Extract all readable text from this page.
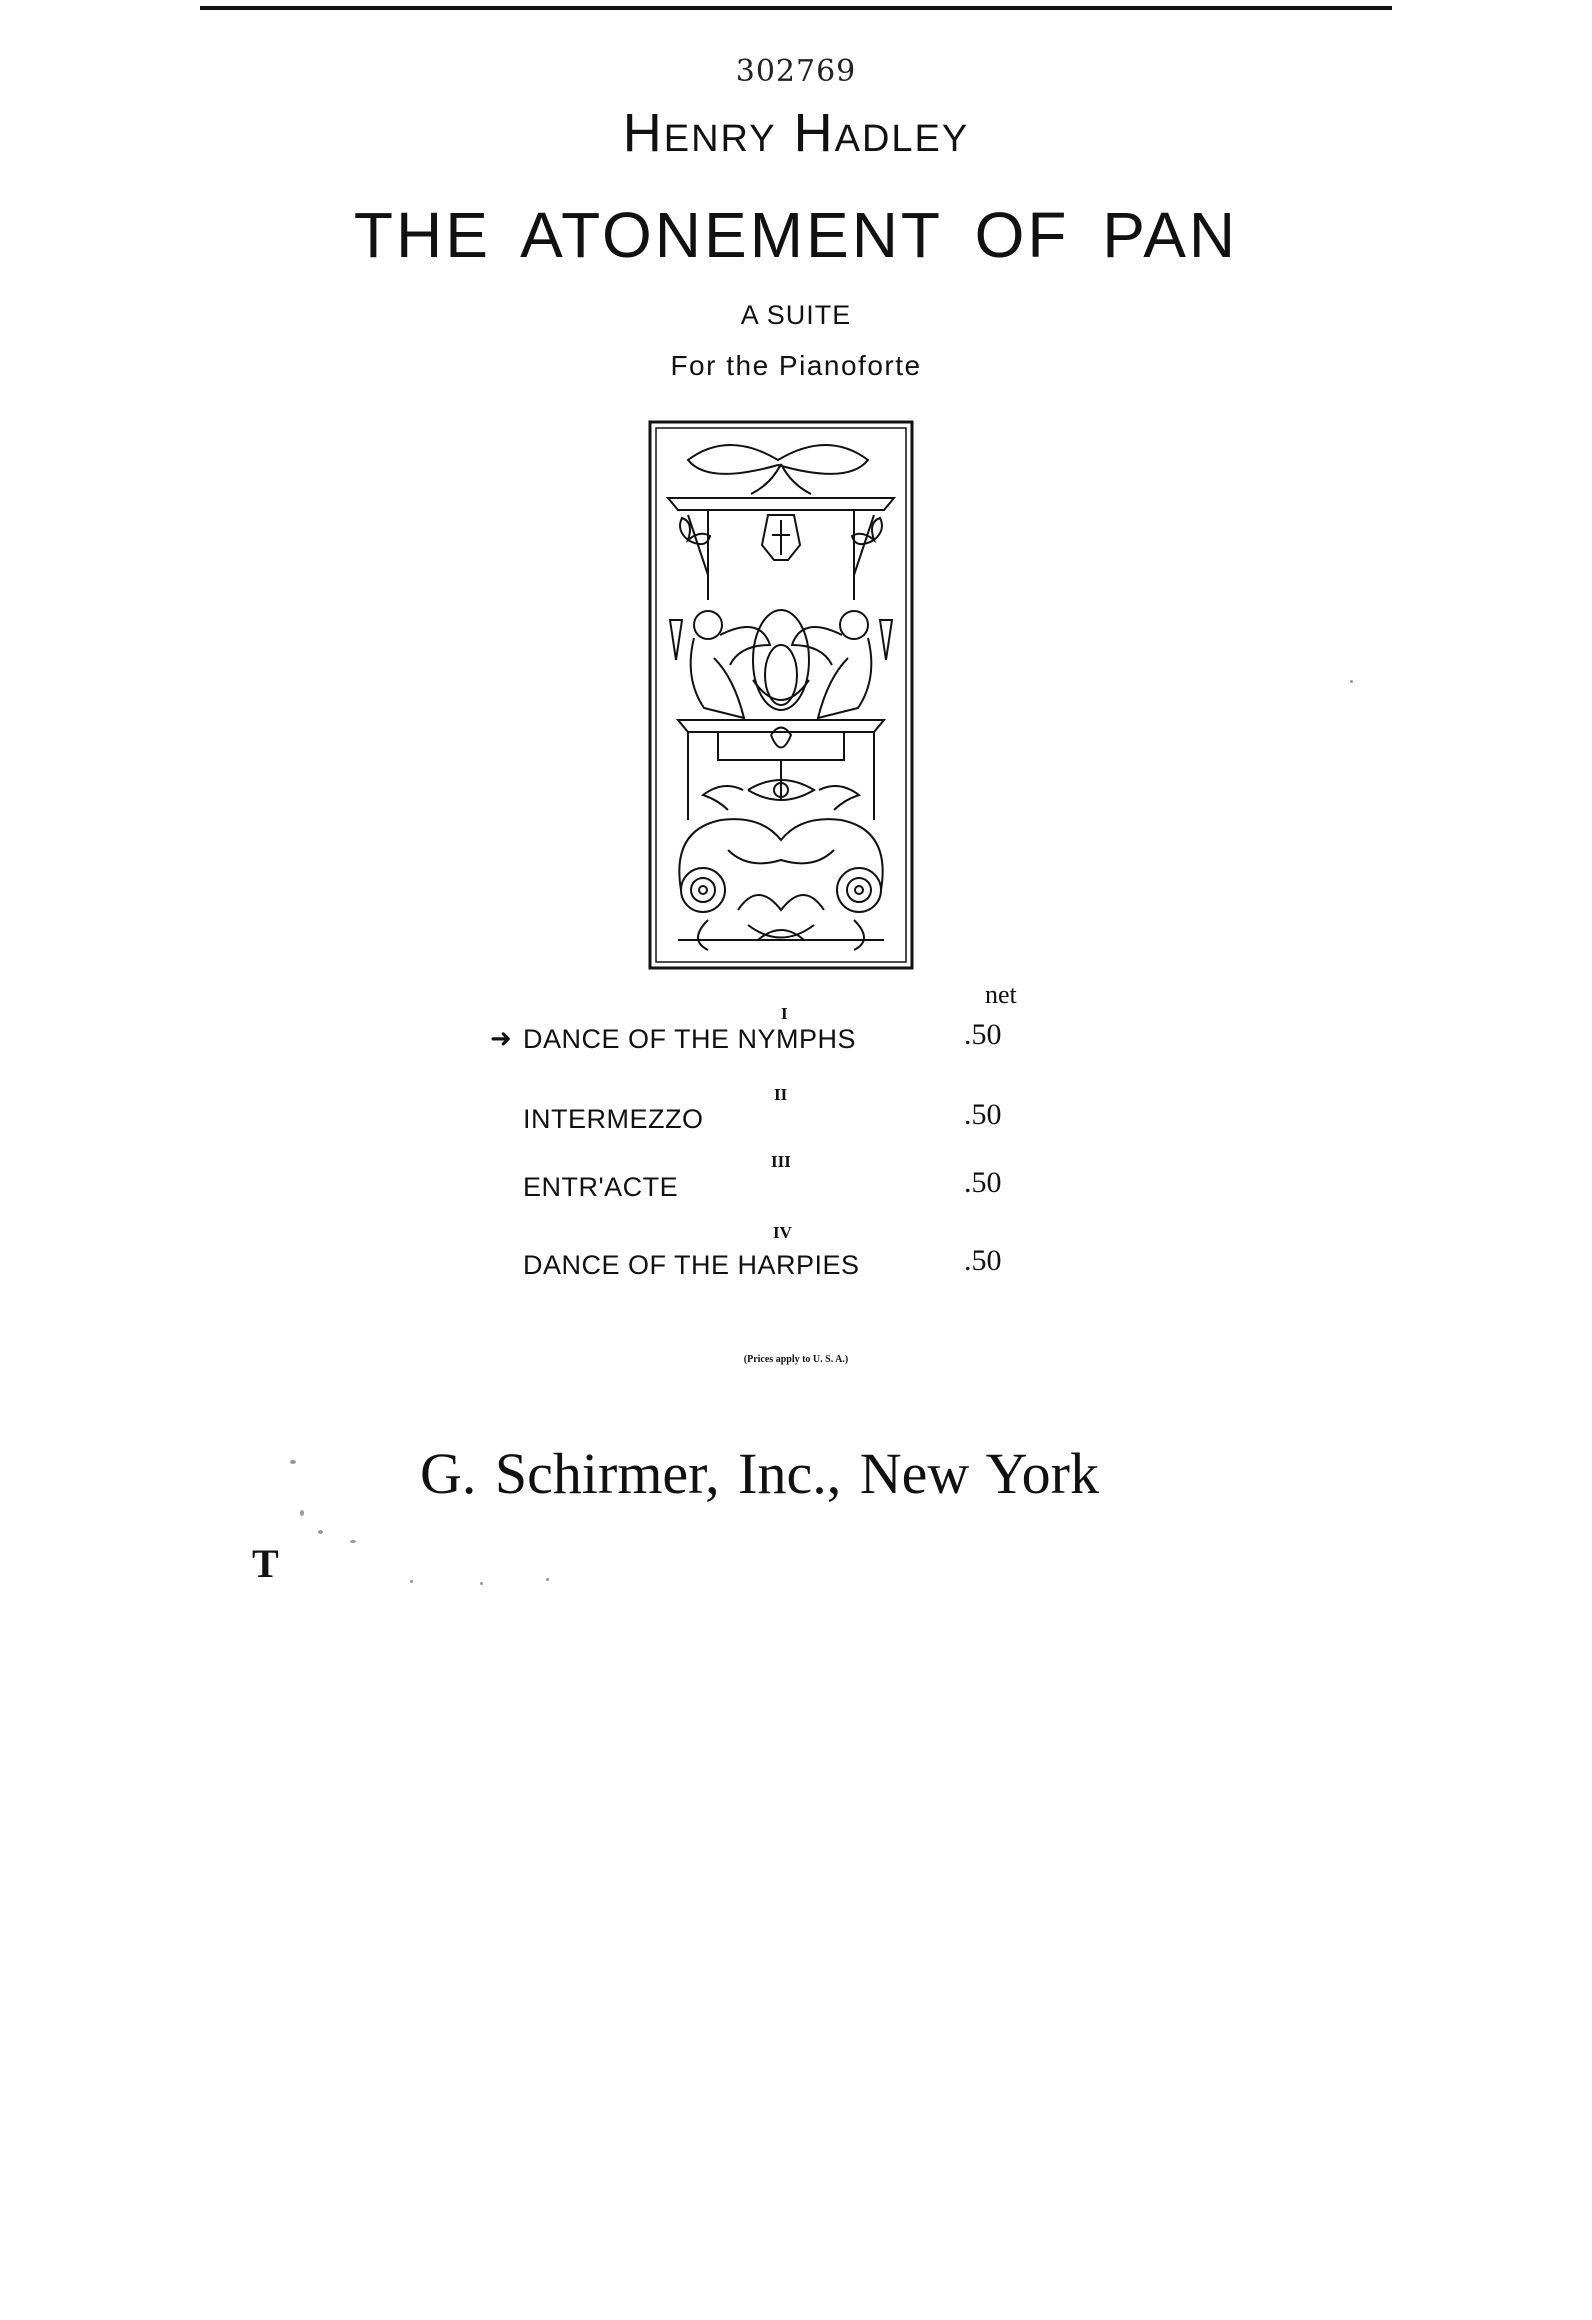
302769
Henry Hadley
THE ATONEMENT OF PAN
A SUITE
For the Pianoforte
net
I
➜ DANCE OF THE NYMPHS	.50
II
INTERMEZZO	.50
III
ENTR'ACTE	.50
IV
DANCE OF THE HARPIES	.50
(Prices apply to U. S. A.)
G. Schirmer, Inc., New York
T
